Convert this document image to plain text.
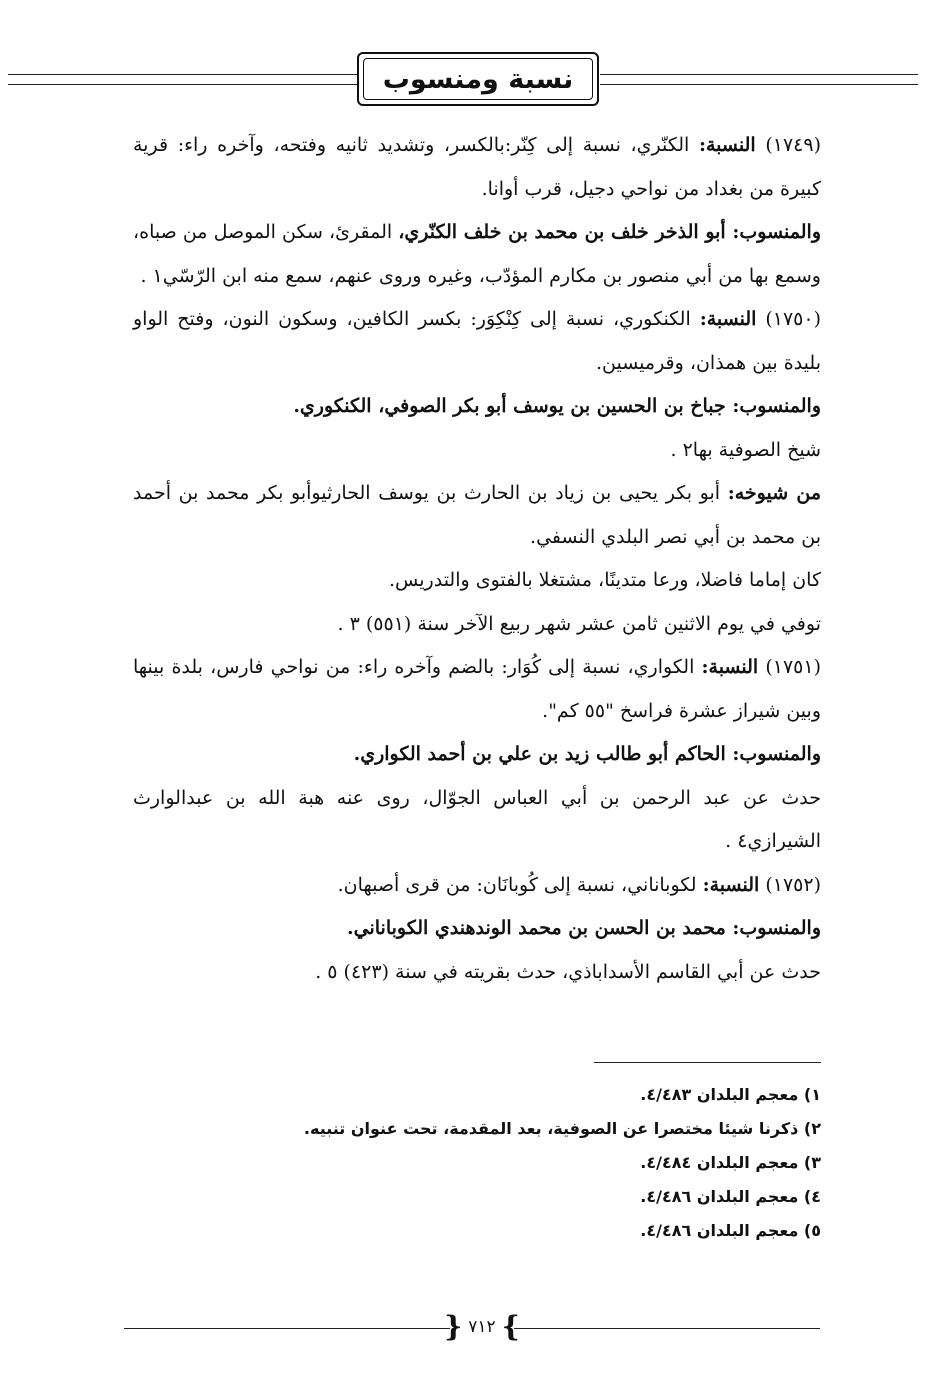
نسبة ومنسوب

(١٧٤٩) النسبة: الكنّري، نسبة إلى كِنّر:بالكسر، وتشديد ثانيه وفتحه، وآخره راء: قرية كبيرة من بغداد من نواحي دجيل، قرب أوانا.

والمنسوب: أبو الذخر خلف بن محمد بن خلف الكنّري، المقرئ، سكن الموصل من صباه، وسمع بها من أبي منصور بن مكارم المؤدّب، وغيره وروى عنهم، سمع منه ابن الرّسّي١ .

(١٧٥٠) النسبة: الكنكوري، نسبة إلى كِنْكِوَر: بكسر الكافين، وسكون النون، وفتح الواو بليدة بين همذان، وقرميسين.

والمنسوب: جباخ بن الحسين بن يوسف أبو بكر الصوفي، الكنكوري.

شيخ الصوفية بها٢ .

من شيوخه: أبو بكر يحيى بن زياد بن الحارث بن يوسف الحارثيوأبو بكر محمد بن أحمد بن محمد بن أبي نصر البلدي النسفي.

كان إماما فاضلا، ورعا متدينًا، مشتغلا بالفتوى والتدريس.

توفي في يوم الاثنين ثامن عشر شهر ربيع الآخر سنة (٥٥١) ٣ .

(١٧٥١) النسبة: الكواري، نسبة إلى كُوَار: بالضم وآخره راء: من نواحي فارس، بلدة بينها وبين شيراز عشرة فراسخ "٥٥ كم".

والمنسوب: الحاكم أبو طالب زيد بن علي بن أحمد الكواري.

حدث عن عبد الرحمن بن أبي العباس الجوّال، روى عنه هبة الله بن عبدالوارث الشيرازي٤ .

(١٧٥٢) النسبة: لكوباناني، نسبة إلى كُوبانَان: من قرى أصبهان.

والمنسوب: محمد بن الحسن بن محمد الوندهندي الكوباناني.

حدث عن أبي القاسم الأسداباذي، حدث بقريته في سنة (٤٢٣) ٥ .

١) معجم البلدان ٤/٤٨٣.

٢) ذكرنا شيئا مختصرا عن الصوفية، بعد المقدمة، تحت عنوان تنبيه.

٣) معجم البلدان ٤/٤٨٤.

٤) معجم البلدان ٤/٤٨٦.

٥) معجم البلدان ٤/٤٨٦.

}
٧١٢
{
